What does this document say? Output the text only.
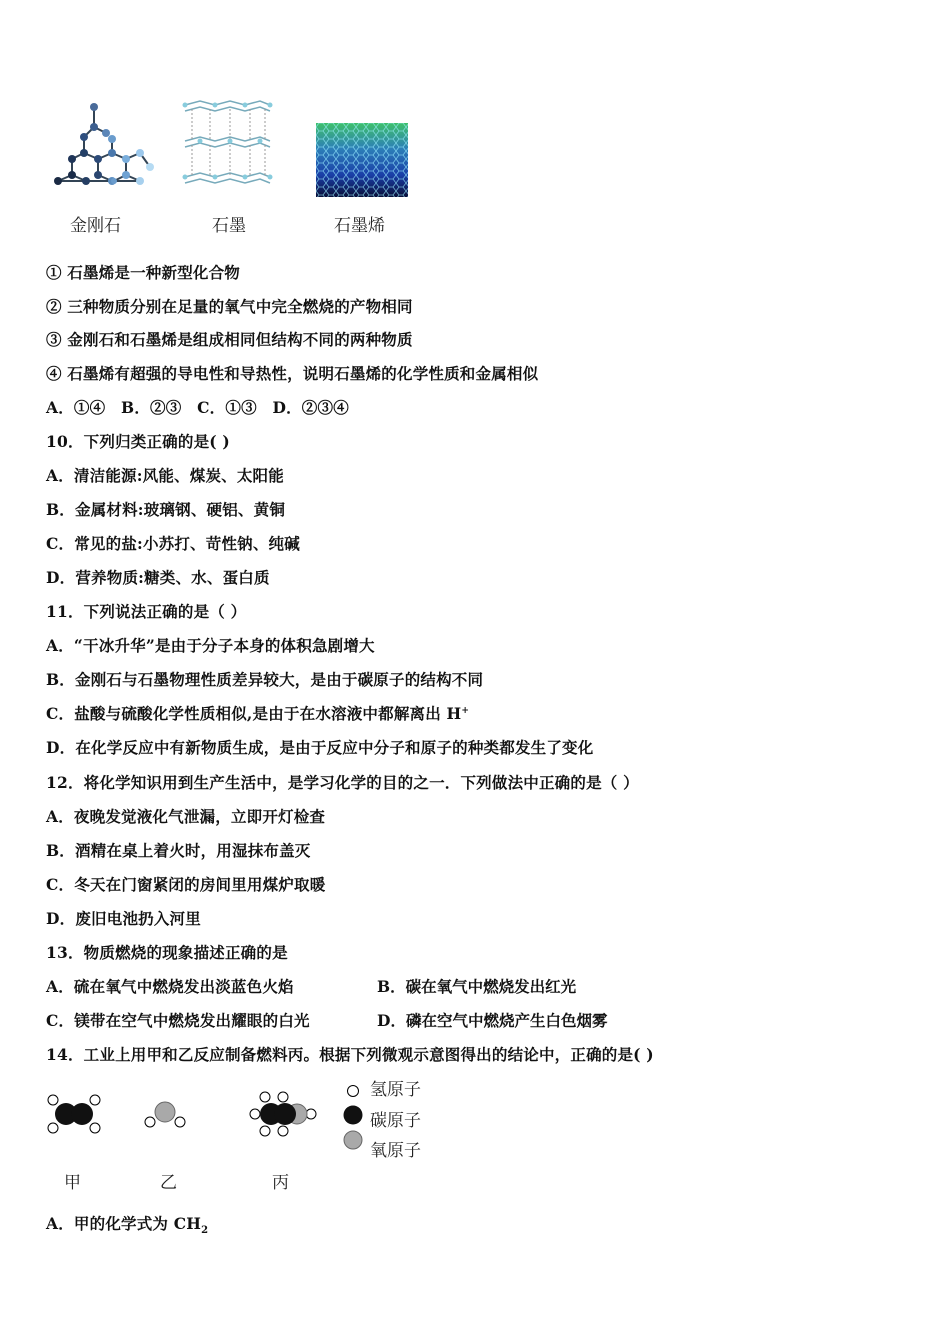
金刚石	石墨	石墨烯
① 石墨烯是一种新型化合物
② 三种物质分别在足量的氧气中完全燃烧的产物相同
③ 金刚石和石墨烯是组成相同但结构不同的两种物质
④ 石墨烯有超强的导电性和导热性，说明石墨烯的化学性质和金属相似
A．①④　B．②③　C．①③　D．②③④
10．下列归类正确的是( )
A．清洁能源:风能、煤炭、太阳能
B．金属材料:玻璃钢、硬铝、黄铜
C．常见的盐:小苏打、苛性钠、纯碱
D．营养物质:糖类、水、蛋白质
11．下列说法正确的是（ ）
A．“干冰升华”是由于分子本身的体积急剧增大
B．金刚石与石墨物理性质差异较大，是由于碳原子的结构不同
C．盐酸与硫酸化学性质相似,是由于在水溶液中都解离出 H+
D．在化学反应中有新物质生成，是由于反应中分子和原子的种类都发生了变化
12．将化学知识用到生产生活中，是学习化学的目的之一．下列做法中正确的是（ ）
A．夜晚发觉液化气泄漏，立即开灯检查
B．酒精在桌上着火时，用湿抹布盖灭
C．冬天在门窗紧闭的房间里用煤炉取暖
D．废旧电池扔入河里
13．物质燃烧的现象描述正确的是
A．硫在氧气中燃烧发出淡蓝色火焰	B．碳在氧气中燃烧发出红光
C．镁带在空气中燃烧发出耀眼的白光	D．磷在空气中燃烧产生白色烟雾
14．工业上用甲和乙反应制备燃料丙。根据下列微观示意图得出的结论中，正确的是( )
氢原子
碳原子
氧原子
甲	乙	丙
A．甲的化学式为 $CH_2$
